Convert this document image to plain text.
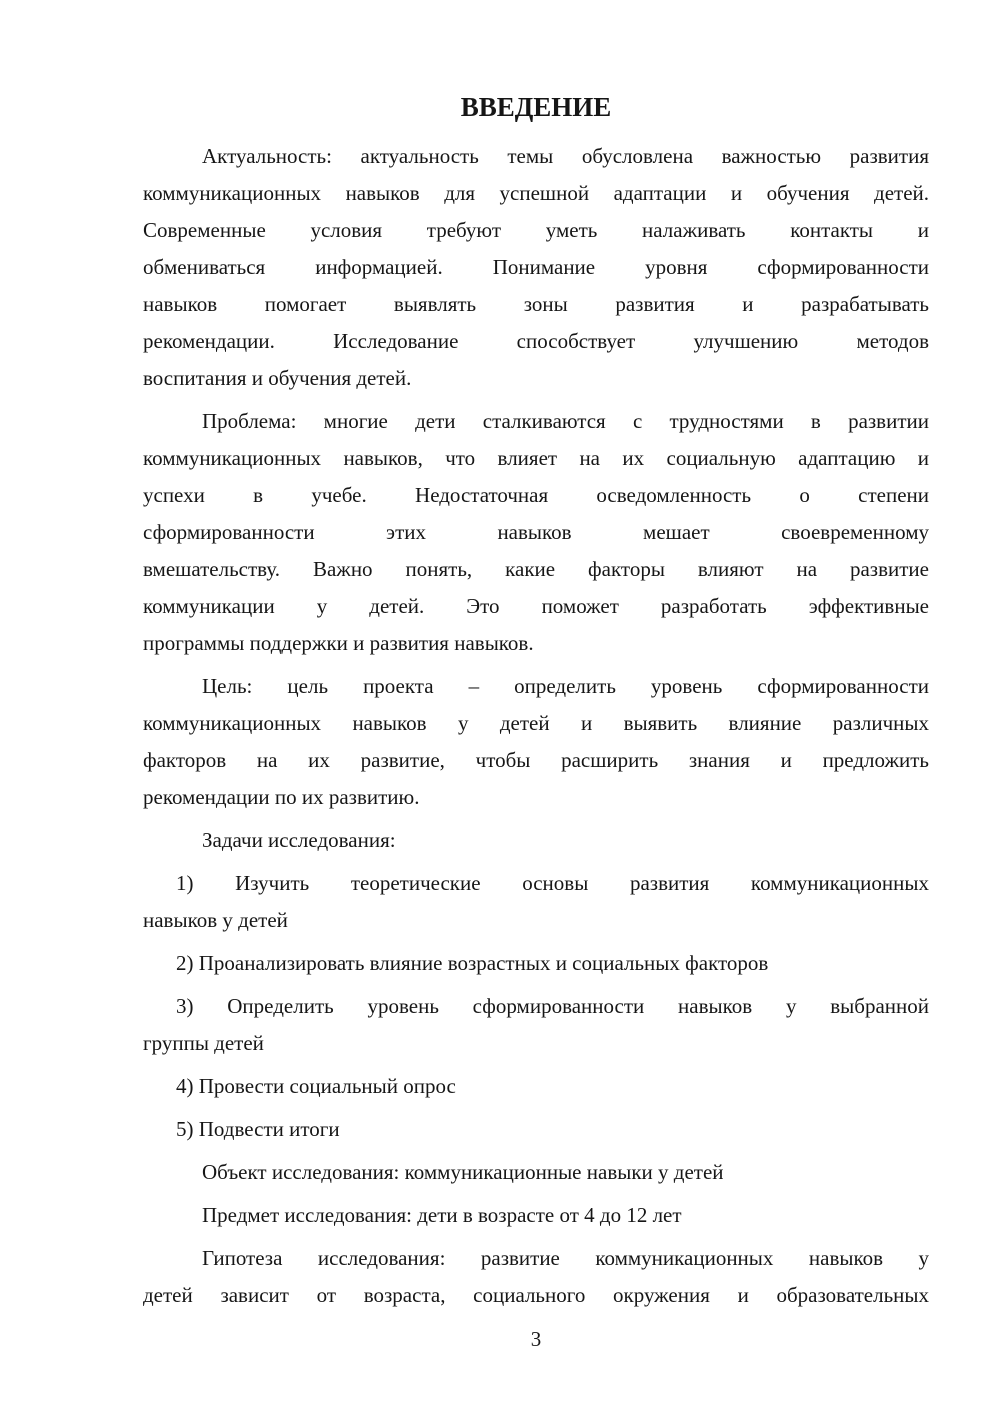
ВВЕДЕНИЕ
Актуальность: актуальность темы обусловлена важностью развития
коммуникационных навыков для успешной адаптации и обучения детей.
Современные условия требуют уметь налаживать контакты и
обмениваться информацией. Понимание уровня сформированности
навыков помогает выявлять зоны развития и разрабатывать
рекомендации. Исследование способствует улучшению методов
воспитания и обучения детей.
Проблема: многие дети сталкиваются с трудностями в развитии
коммуникационных навыков, что влияет на их социальную адаптацию и
успехи в учебе. Недостаточная осведомленность о степени
сформированности этих навыков мешает своевременному
вмешательству. Важно понять, какие факторы влияют на развитие
коммуникации у детей. Это поможет разработать эффективные
программы поддержки и развития навыков.
Цель: цель проекта – определить уровень сформированности
коммуникационных навыков у детей и выявить влияние различных
факторов на их развитие, чтобы расширить знания и предложить
рекомендации по их развитию.
Задачи исследования:
1) Изучить теоретические основы развития коммуникационных
навыков у детей
2) Проанализировать влияние возрастных и социальных факторов
3) Определить уровень сформированности навыков у выбранной
группы детей
4) Провести социальный опрос
5) Подвести итоги
Объект исследования: коммуникационные навыки у детей
Предмет исследования: дети в возрасте от 4 до 12 лет
Гипотеза исследования: развитие коммуникационных навыков у
детей зависит от возраста, социального окружения и образовательных
3
